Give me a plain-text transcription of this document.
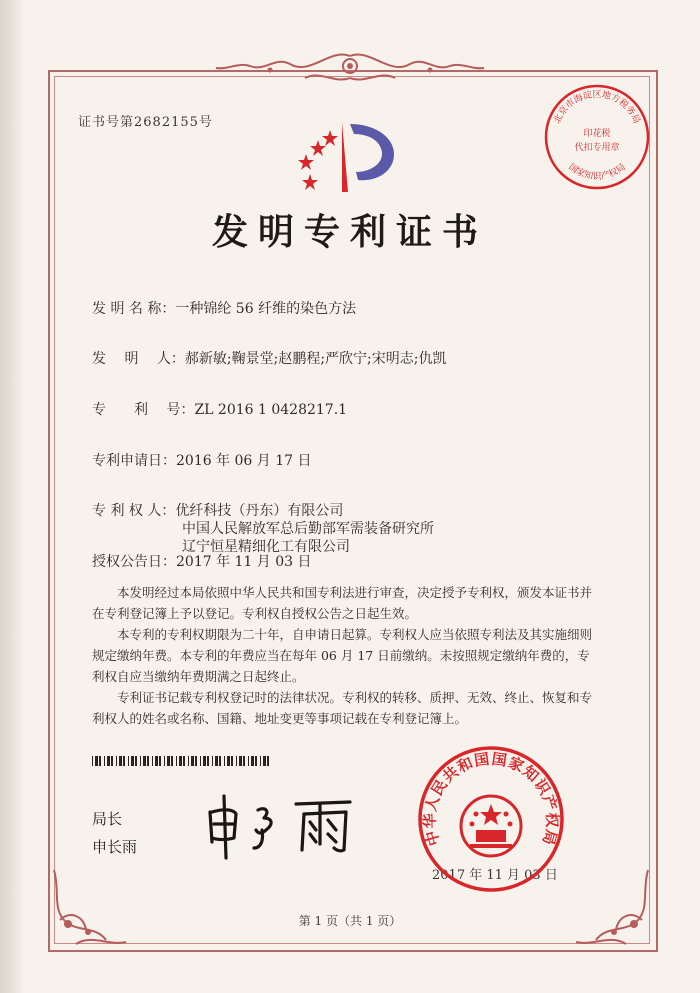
证书号第2682155号
发明专利证书
发 明 名 称：一种锦纶 56 纤维的染色方法
发　 明 　人：郝新敏;鞠景堂;赵鹏程;严欣宁;宋明志;仇凯
专　　利　 号：ZL 2016 1 0428217.1
专利申请日：2016 年 06 月 17 日
专 利 权 人：优纤科技（丹东）有限公司
中国人民解放军总后勤部军需装备研究所
辽宁恒星精细化工有限公司
授权公告日：2017 年 11 月 03 日

本发明经过本局依照中华人民共和国专利法进行审查，决定授予专利权，颁发本证书并在专利登记簿上予以登记。专利权自授权公告之日起生效。

本专利的专利权期限为二十年，自申请日起算。专利权人应当依照专利法及其实施细则规定缴纳年费。本专利的年费应当在每年 06 月 17 日前缴纳。未按照规定缴纳年费的，专利权自应当缴纳年费期满之日起终止。

专利证书记载专利权登记时的法律状况。专利权的转移、质押、无效、终止、恢复和专利权人的姓名或名称、国籍、地址变更等事项记载在专利登记簿上。

局长
申长雨
北京市海淀区地方税务局
国家知识产权局
印花税
代扣专用章
2017 年 11 月 03 日
中华人民共和国国家知识产权局
第 1 页（共 1 页）
